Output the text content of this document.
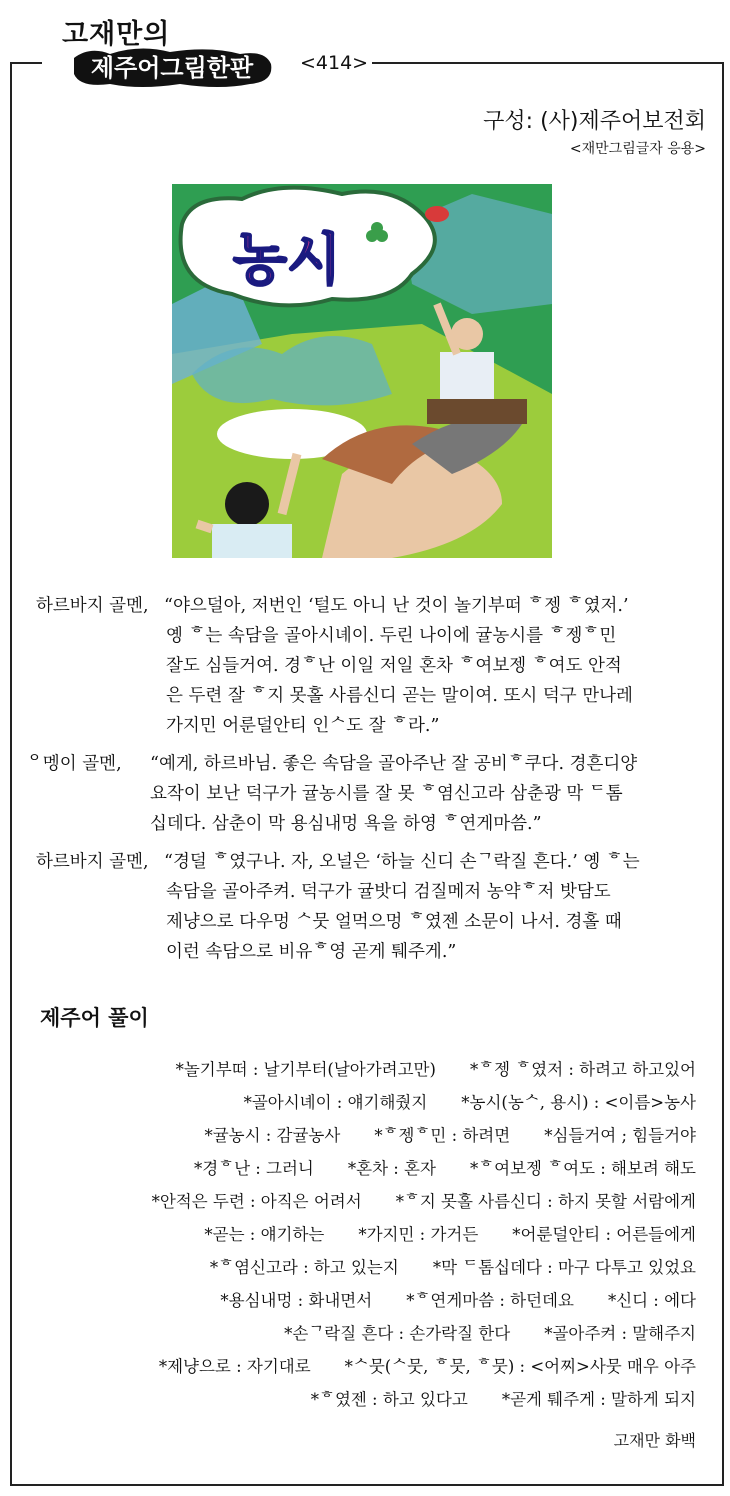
고재만의
제주어그림한판 <414>
구성: (사)제주어보전회
<재만그림글자 응용>
농시
하르바지 골멘, “야으덜아, 저번인 ‘털도 아니 난 것이 놀기부떠 ᄒ젱 ᄒ였저.’
옝 ᄒ는 속담을 골아시녜이. 두린 나이에 귤농시를 ᄒ젱ᄒ민
잘도 심들거여. 경ᄒ난 이일 저일 혼차 ᄒ여보젱 ᄒ여도 안적
은 두련 잘 ᄒ지 못홀 사름신디 곧는 말이여. 또시 덕구 만나레
가지민 어룬덜안티 인ᄉ도 잘 ᄒ라.”
ᄋ멩이 골멘, “예게, 하르바님. 좋은 속담을 골아주난 잘 공비ᄒ쿠다. 경흔디양
요작이 보난 덕구가 귤농시를 잘 못 ᄒ염신고라 삼춘광 막 ᄃ톰
십데다. 삼춘이 막 용심내멍 욕을 하영 ᄒ연게마씀.”
하르바지 골멘, “경덜 ᄒ였구나. 자, 오널은 ‘하늘 신디 손ᄀ락질 흔다.’ 옝 ᄒ는
속담을 골아주켜. 덕구가 귤밧디 검질메저 농약ᄒ저 밧담도
제냥으로 다우멍 ᄉ뭇 얼먹으멍 ᄒ였젠 소문이 나서. 경홀 때
이런 속담으로 비유ᄒ영 곧게 퉤주게.”
제주어 풀이
*놀기부떠 : 날기부터(날아가려고만) *ᄒ젱 ᄒ였저 : 하려고 하고있어
*골아시녜이 : 얘기해줬지 *농시(농ᄉ, 용시) : <이름>농사
*귤농시 : 감귤농사 *ᄒ젱ᄒ민 : 하려면 *심들거여 ; 힘들거야
*경ᄒ난 : 그러니 *혼차 : 혼자 *ᄒ여보젱 ᄒ여도 : 해보려 해도
*안적은 두련 : 아직은 어려서 *ᄒ지 못홀 사름신디 : 하지 못할 서람에게
*곧는 : 얘기하는 *가지민 : 가거든 *어룬덜안티 : 어른들에게
*ᄒ염신고라 : 하고 있는지 *막 ᄃ톰십데다 : 마구 다투고 있었요
*용심내멍 : 화내면서 *ᄒ연게마씀 : 하던데요 *신디 : 에다
*손ᄀ락질 흔다 : 손가락질 한다 *골아주켜 : 말해주지
*제냥으로 : 자기대로 *ᄉ뭇(ᄉ뭇, ᄒ뭇, ᄒ뭇) : <어찌>사뭇 매우 아주
*ᄒ였젠 : 하고 있다고 *곧게 퉤주게 : 말하게 되지
고재만 화백
